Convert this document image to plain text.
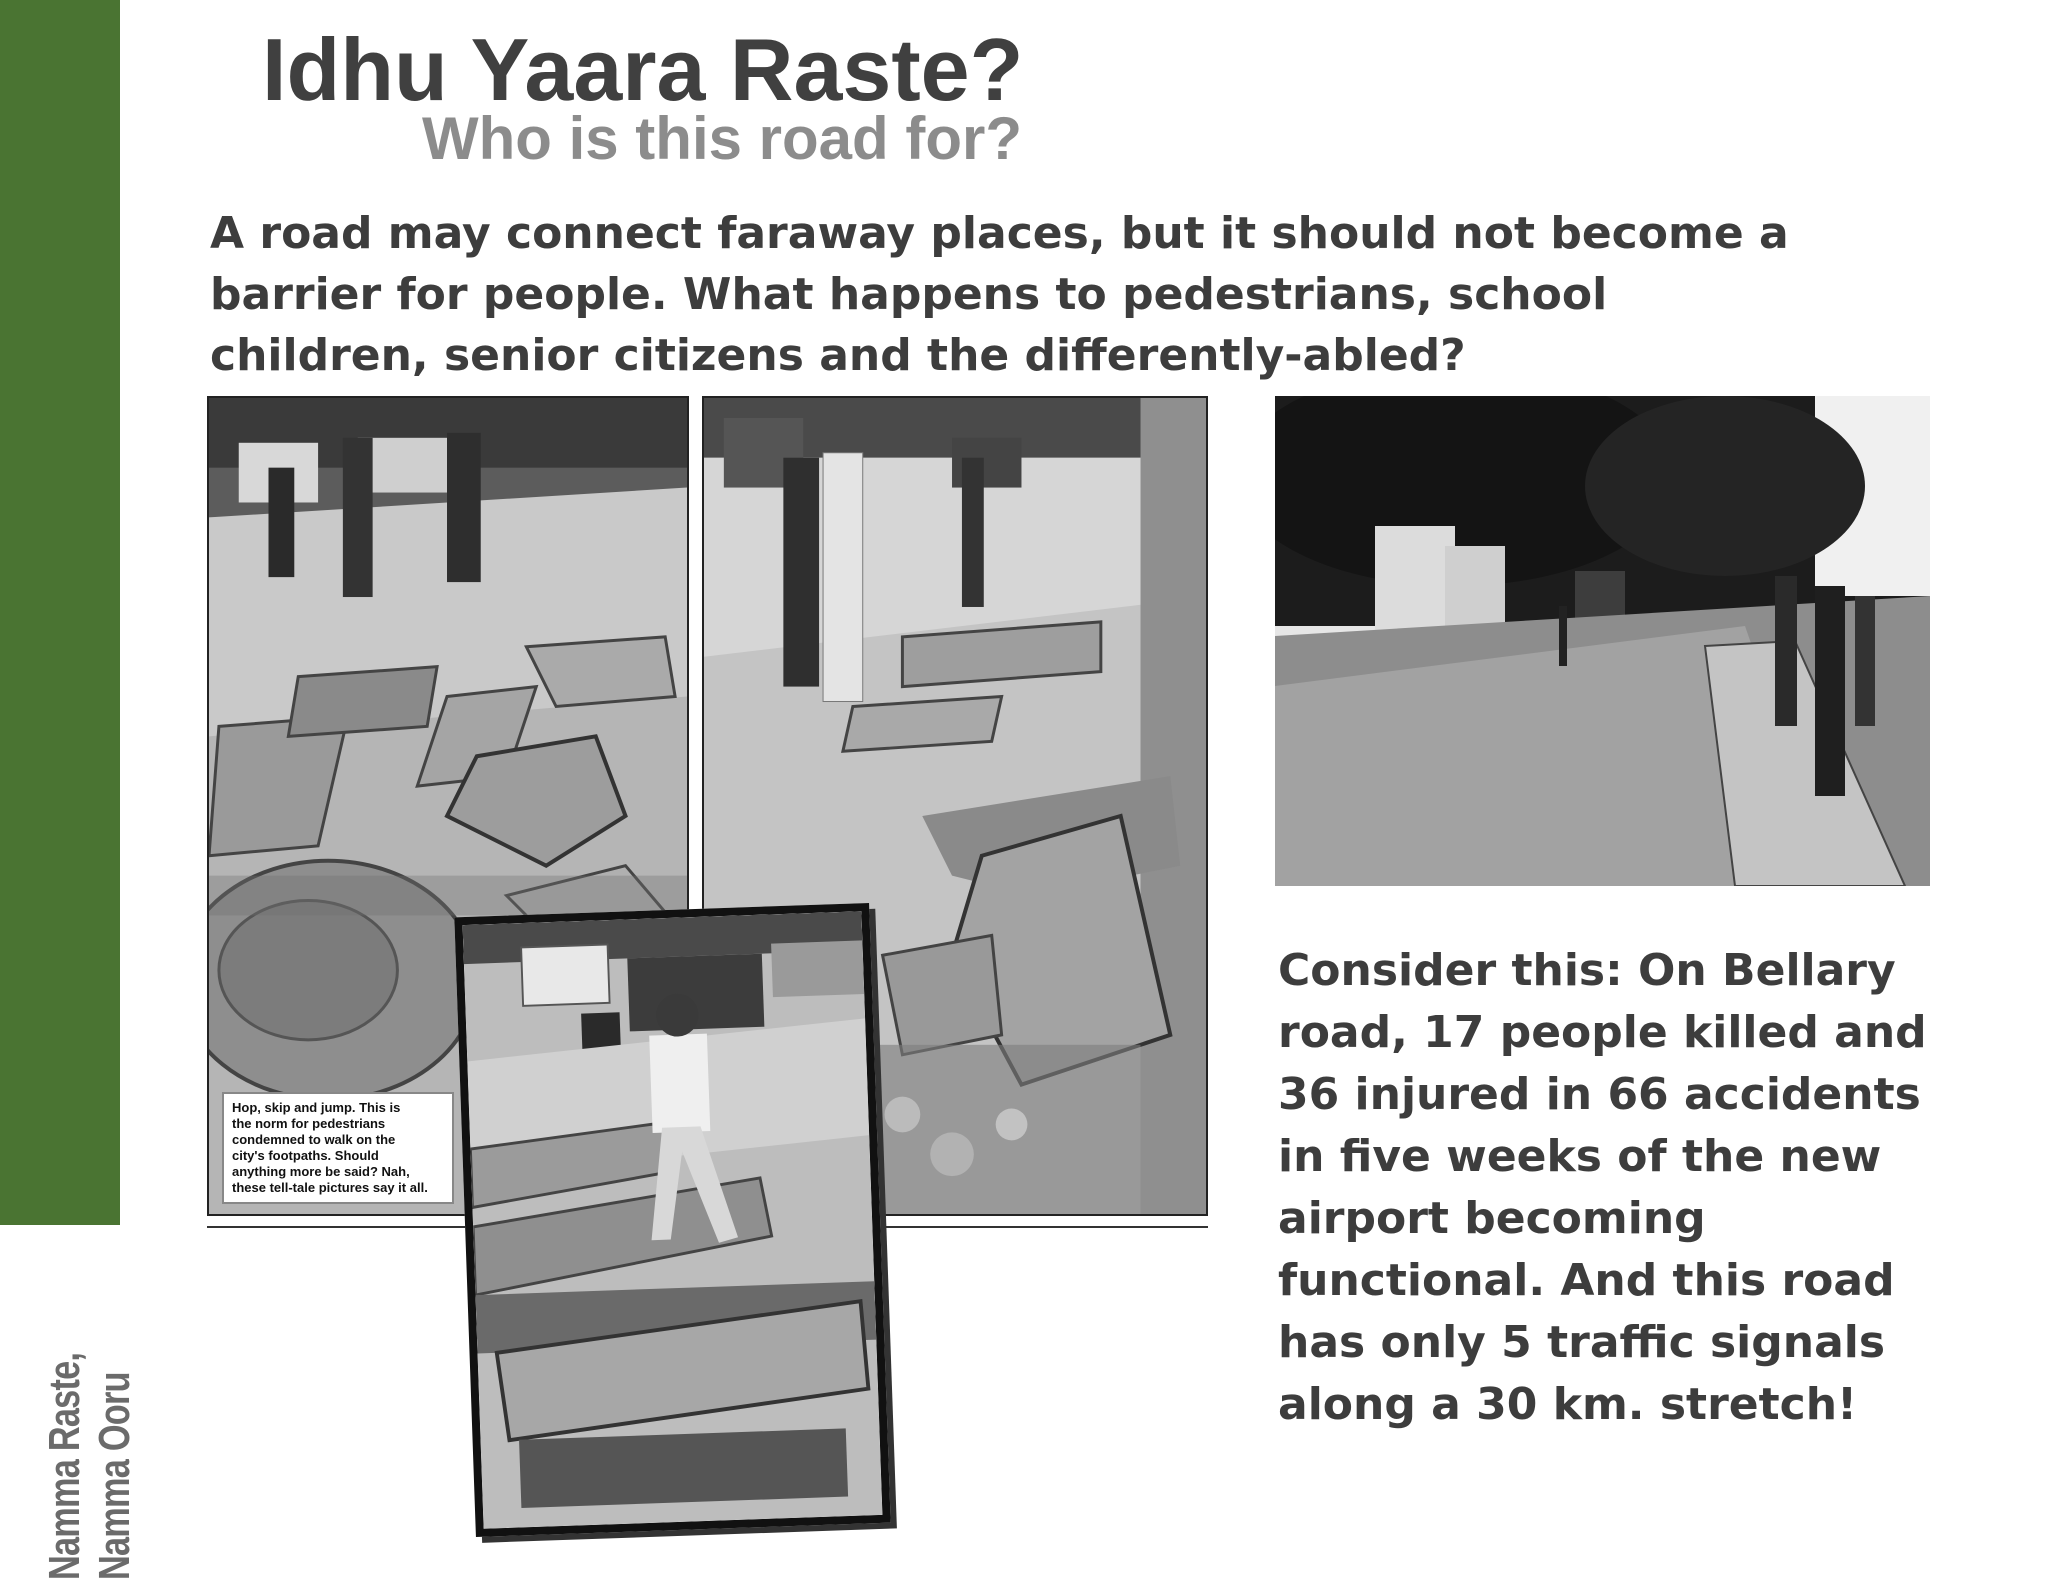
Namma Raste, Namma Ooru
Idhu Yaara Raste?
Who is this road for?

A road may connect faraway places, but it should not become a
barrier for people. What happens to pedestrians, school
children, senior citizens and the differently-abled?

Hop, skip and jump. This is
the norm for pedestrians
condemned to walk on the
city's footpaths. Should
anything more be said? Nah,
these tell-tale pictures say it all.

Consider this: On Bellary
road, 17 people killed and
36 injured in 66 accidents
in five weeks of the new
airport becoming
functional. And this road
has only 5 traffic signals
along a 30 km. stretch!
